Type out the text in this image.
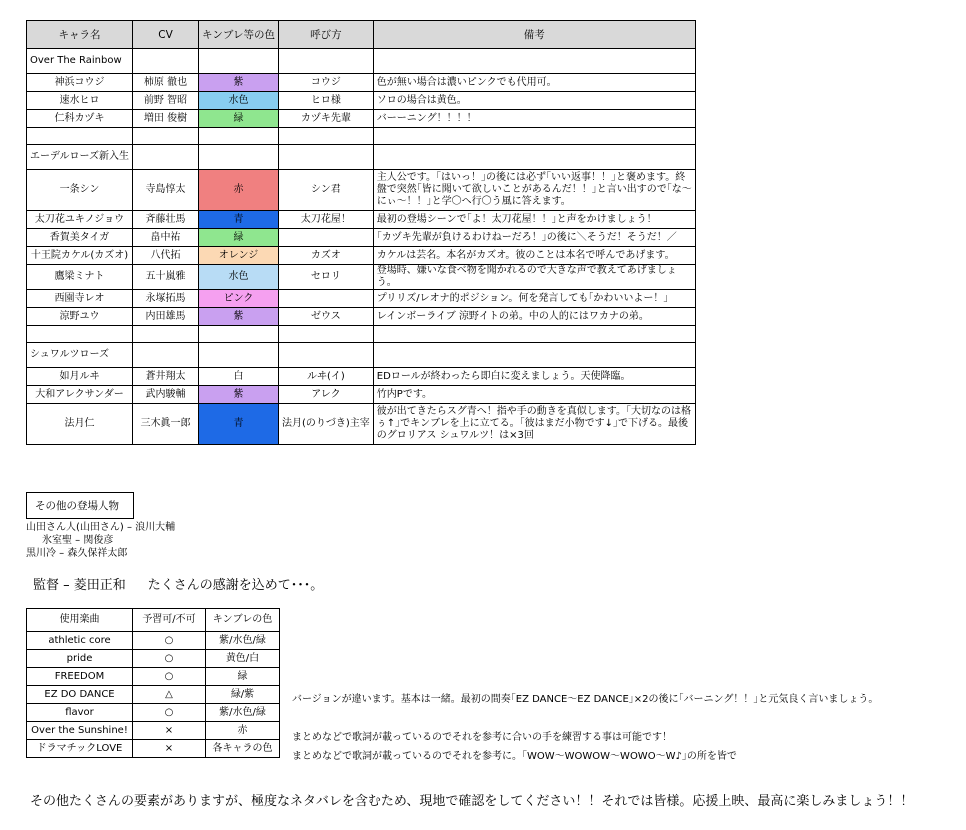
キャラ名	CV	キンブレ等の色	呼び方	備考
Over The Rainbow				
神浜コウジ	柿原 徹也	紫	コウジ	色が無い場合は濃いピンクでも代用可。
速水ヒロ	前野 智昭	水色	ヒロ様	ソロの場合は黄色。
仁科カヅキ	増田 俊樹	緑	カヅキ先輩	バーーニング！！！！

エーデルローズ新入生				
一条シン	寺島惇太	赤	シン君	主人公です。｢はいっ！｣の後には必ず｢いい返事！！｣と褒めます。終盤で突然｢皆に聞いて欲しいことがあるんだ！！｣と言い出すので｢な～にぃ～！！｣と学〇へ行〇う風に答えます。
太刀花ユキノジョウ	斉藤壮馬	青	太刀花屋！	最初の登場シーンで｢よ！太刀花屋！！｣と声をかけましょう！
香賀美タイガ	畠中祐	緑		｢カヅキ先輩が負けるわけねーだろ！｣の後に＼そうだ！そうだ！／
十王院カケル(カズオ)	八代拓	オレンジ	カズオ	カケルは芸名。本名がカズオ。彼のことは本名で呼んであげます。
鷹梁ミナト	五十嵐雅	水色	セロリ	登場時、嫌いな食べ物を聞かれるので大きな声で教えてあげましょう。
西園寺レオ	永塚拓馬	ピンク		プリリズ/レオナ的ポジション。何を発言しても｢かわいいよー！｣
涼野ユウ	内田雄馬	紫	ゼウス	レインボーライブ 涼野イトの弟。中の人的にはワカナの弟。

シュワルツローズ				
如月ルヰ	蒼井翔太	白	ルヰ(イ)	EDロールが終わったら即白に変えましょう。天使降臨。
大和アレクサンダー	武内駿輔	紫	アレク	竹内Pです。
法月仁	三木眞一郎	青	法月(のりづき)主宰	彼が出てきたらスグ青へ！指や手の動きを真似します。｢大切なのは格ぅ↑｣でキンブレを上に立てる。｢彼はまだ小物です↓｣で下げる。最後のグロリアス シュワルツ！は×3回
その他の登場人物
山田さん人(山田さん) – 浪川大輔
氷室聖 – 関俊彦
黒川冷 – 森久保祥太郎
監督 – 菱田正和 たくさんの感謝を込めて･･･。
使用楽曲	予習可/不可	キンブレの色
athletic core	○	紫/水色/緑
pride	○	黄色/白
FREEDOM	○	緑
EZ DO DANCE	△	緑/紫
flavor	○	紫/水色/緑
Over the Sunshine!	×	赤
ドラマチックLOVE	×	各キャラの色
バージョンが違います。基本は一緒。最初の間奏｢EZ DANCE～EZ DANCE｣×2の後に｢バーニング！！｣と元気良く言いましょう。
まとめなどで歌詞が載っているのでそれを参考に合いの手を練習する事は可能です！
まとめなどで歌詞が載っているのでそれを参考に。｢WOW～WOWOW～WOWO～W♪｣の所を皆で
その他たくさんの要素がありますが、極度なネタバレを含むため、現地で確認をしてください！！それでは皆様。応援上映、最高に楽しみましょう！！
